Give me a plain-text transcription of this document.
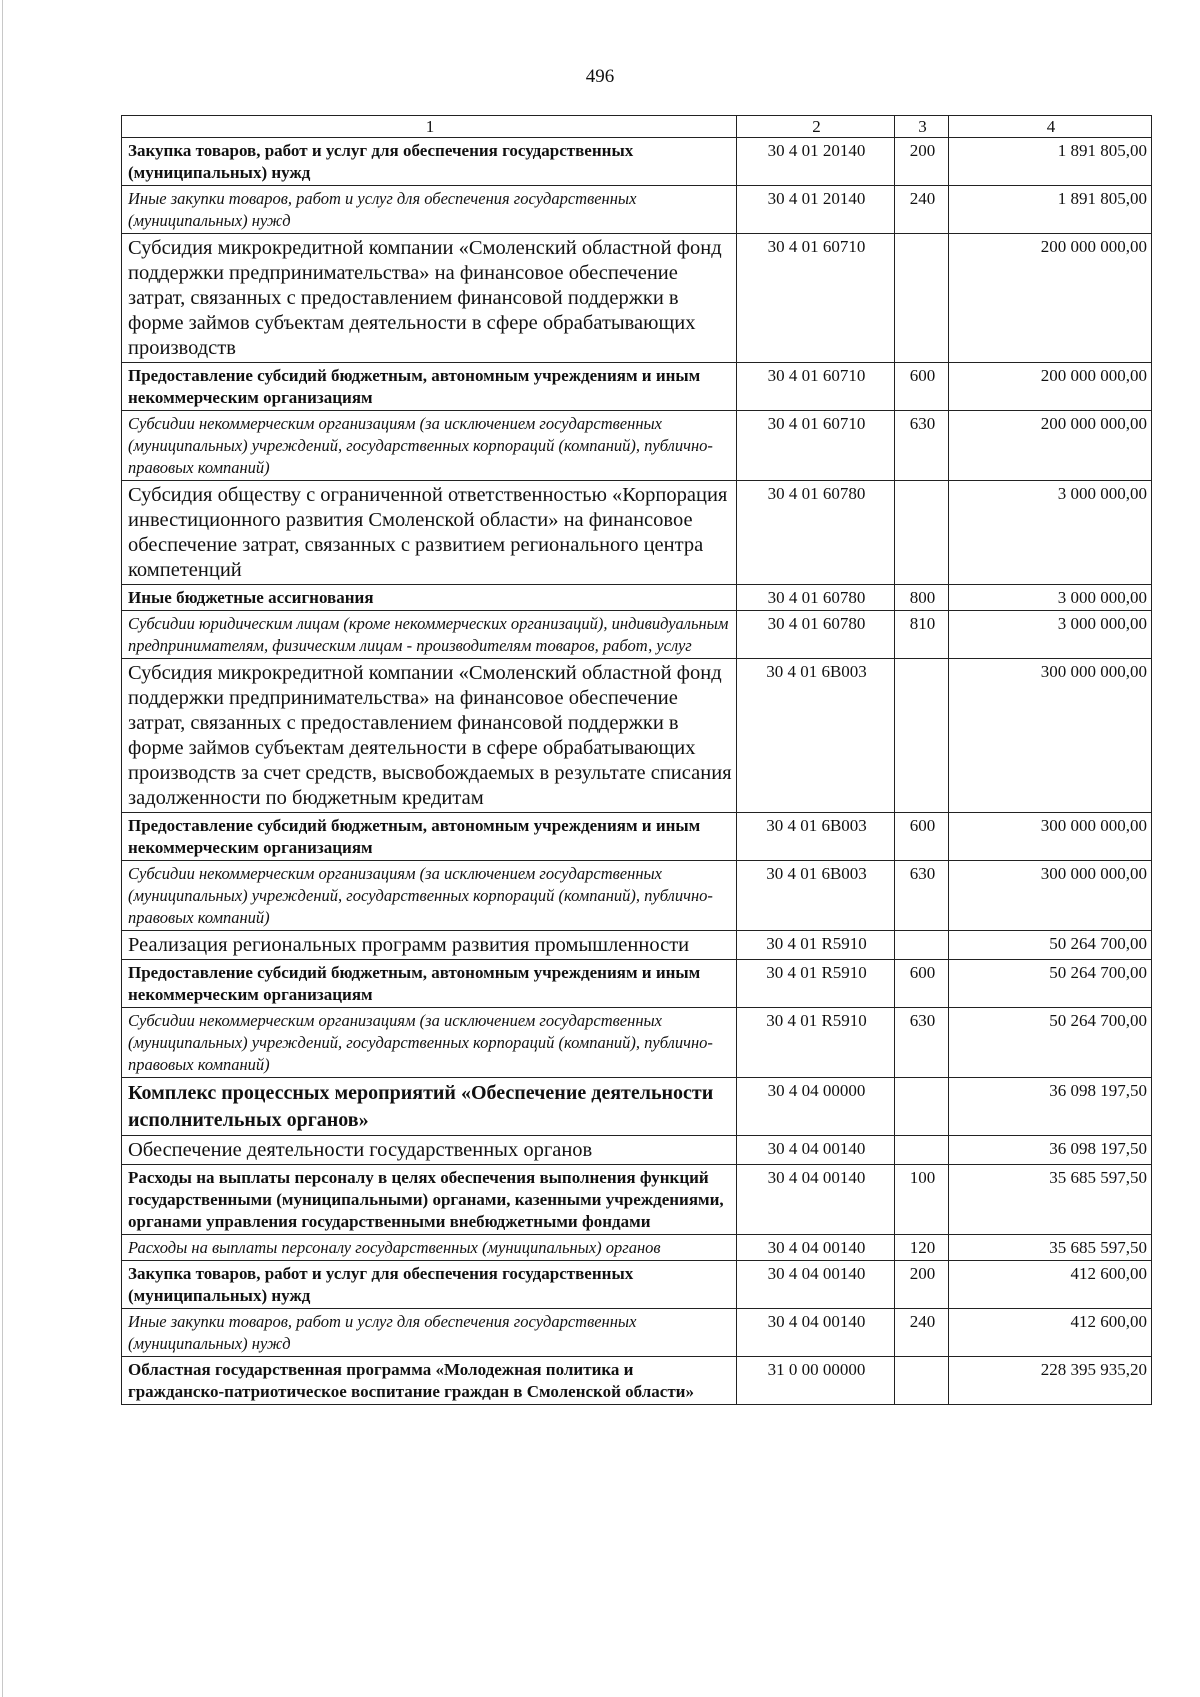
496
1	2	3	4
Закупка товаров, работ и услуг для обеспечения государственных (муниципальных) нужд	30 4 01 20140	200	1 891 805,00
Иные закупки товаров, работ и услуг для обеспечения государственных (муниципальных) нужд	30 4 01 20140	240	1 891 805,00
Субсидия микрокредитной компании «Смоленский областной фонд поддержки предпринимательства» на финансовое обеспечение затрат, связанных с предоставлением финансовой поддержки в форме займов субъектам деятельности в сфере обрабатывающих производств	30 4 01 60710		200 000 000,00
Предоставление субсидий бюджетным, автономным учреждениям и иным некоммерческим организациям	30 4 01 60710	600	200 000 000,00
Субсидии некоммерческим организациям (за исключением государственных (муниципальных) учреждений, государственных корпораций (компаний), публично-правовых компаний)	30 4 01 60710	630	200 000 000,00
Субсидия обществу с ограниченной ответственностью «Корпорация инвестиционного развития Смоленской области» на финансовое обеспечение затрат, связанных с развитием регионального центра компетенций	30 4 01 60780		3 000 000,00
Иные бюджетные ассигнования	30 4 01 60780	800	3 000 000,00
Субсидии юридическим лицам (кроме некоммерческих организаций), индивидуальным предпринимателям, физическим лицам - производителям товаров, работ, услуг	30 4 01 60780	810	3 000 000,00
Субсидия микрокредитной компании «Смоленский областной фонд поддержки предпринимательства» на финансовое обеспечение затрат, связанных с предоставлением финансовой поддержки в форме займов субъектам деятельности в сфере обрабатывающих производств за счет средств, высвобождаемых в результате списания задолженности по бюджетным кредитам	30 4 01 6В003		300 000 000,00
Предоставление субсидий бюджетным, автономным учреждениям и иным некоммерческим организациям	30 4 01 6В003	600	300 000 000,00
Субсидии некоммерческим организациям (за исключением государственных (муниципальных) учреждений, государственных корпораций (компаний), публично-правовых компаний)	30 4 01 6В003	630	300 000 000,00
Реализация региональных программ развития промышленности	30 4 01 R5910		50 264 700,00
Предоставление субсидий бюджетным, автономным учреждениям и иным некоммерческим организациям	30 4 01 R5910	600	50 264 700,00
Субсидии некоммерческим организациям (за исключением государственных (муниципальных) учреждений, государственных корпораций (компаний), публично-правовых компаний)	30 4 01 R5910	630	50 264 700,00
Комплекс процессных мероприятий «Обеспечение деятельности исполнительных органов»	30 4 04 00000		36 098 197,50
Обеспечение деятельности государственных органов	30 4 04 00140		36 098 197,50
Расходы на выплаты персоналу в целях обеспечения выполнения функций государственными (муниципальными) органами, казенными учреждениями, органами управления государственными внебюджетными фондами	30 4 04 00140	100	35 685 597,50
Расходы на выплаты персоналу государственных (муниципальных) органов	30 4 04 00140	120	35 685 597,50
Закупка товаров, работ и услуг для обеспечения государственных (муниципальных) нужд	30 4 04 00140	200	412 600,00
Иные закупки товаров, работ и услуг для обеспечения государственных (муниципальных) нужд	30 4 04 00140	240	412 600,00
Областная государственная программа «Молодежная политика и гражданско-патриотическое воспитание граждан в Смоленской области»	31 0 00 00000		228 395 935,20
